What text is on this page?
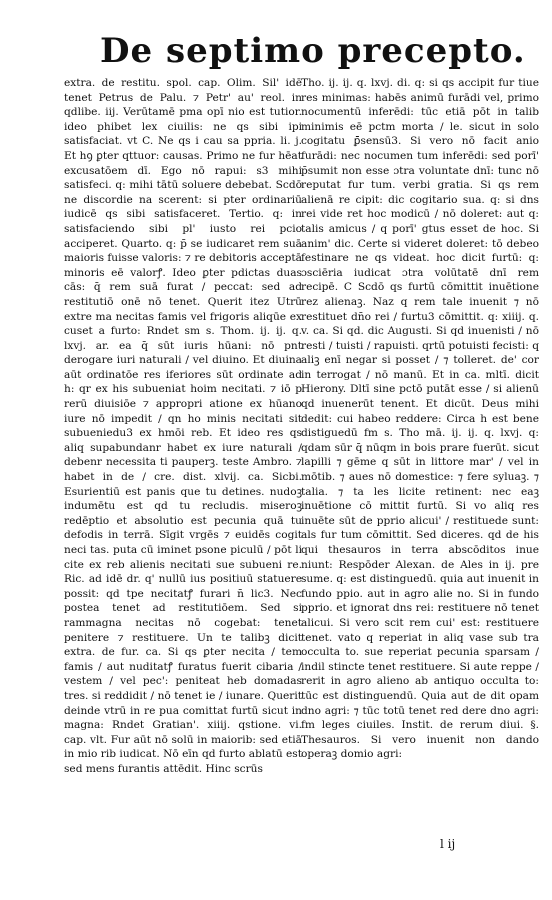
De septimo precepto.

extra. de restitu. spol. cap. Olim. Sil' idē tenet Petrus de Palu. ⁊ Petr' au' reol. in qdlibe. iij. Verūtamē pma opī nio est tutior. ideo phibet lex ciuilis: ne qs sibi ipi satisfaciat. vt C. Ne qs i cau sa ppria. li. j. Et hꝯ ꝑter qttuor: causas. Primo ne fur hēat excusatōem dī. Ego nō rapui: s3 mihi satisfeci. q: mihi tātū soluere debebat. Scdō ne discordie na scerent: si pter ordinariū iudicē qs sibi satisfaceret. Tertio. q: in satisfaciendo sibi pl' iusto rei pcio acciperet. Quarto. q: p̄ se iudicaret rem suā maioris fuisse valoris: ⁊ re debitoris acceptā minoris eē valorꝭ. Ideo ꝑter pdictas duas cās: q̄ rem suā furat / peccat: sed ad restitutiō onē nō tenet. Querit itez Utrū extre ma necitas famis vel frigoris aliqūe ex cuset a furto: Rndet sm s. Thom. ij. ij. q. lxvj. ar. ea q̄ sūt iuris hūani: nō pnt derogare iuri naturali / vel diuino. Et diuina aūt ordinatōe res iferiores sūt ordinate ad h: qr ex his subueniat hoim necitati. ⁊ iō p rerū diuisiōe ⁊ appropri atione ex hūano iure nō impedit / qn ho minis necitati sit subueniedu3 ex hmōi reb. Et ideo res qs aliq supabundanr habet ex iure naturali / debenr necessita ti pauperꝫ. teste Ambro. ⁊ habet in de / cre. dist. xlvij. ca. Sicbi. Esurientiū est panis que tu detines. nudoꝫ indumētu est qd tu recludis. miseroꝫ redēptio et absolutio est pecunia quā tu defodis in terrā. Sīgit vrgēs ⁊ euidēs cogit neci tas. puta cū iminet psone piculū / pōt li cite ex reb alienis necitati sue subueni re. Ric. ad idē dr. q' nullū ius positiuū statuere possit: qd tpe necitatꝭ furari n̄ lic3. Nec postea tenet ad restitutiōem. Sed si rammagna necitas nō cogebat: tenet penitere ⁊ restituere. Un te talibꝫ dicit extra. de fur. ca. Si qs ꝑter necita / tem famis / aut nuditatꝭ furatus fuerit cibaria / vestem / vel pec': peniteat heb domadas tres. si reddidit / nō tenet ie / iunare. Querit deinde vtrū in re pua comittat furtū sicut in magna: Rndet Gratian'. xiiij. qstione. vi. cap. vlt. Fur aūt nō solū in maiorib: sed etiā in mio rib iudicat. Nō eīn qd furto ablatū est sed mens furantis attēdit. Hinc scrūs

Tho. ij. ij. q. lxvj. di. q: si qs accipit fur tiue res minimas: habēs animū furādi vel, primo nocumentū inferēdi: tūc etiā pōt in talib minimis eē pctm morta / le. sicut in solo cogitatu ꝑ̄sensū3. Si vero nō facit anio furādi: nec nocumen tum inferēdi: sed porī' p̄sumit non esse ɔtra voluntate dnī: tunc nō reputat fur tum. verbi gratia. Si qs rem alienā re cipit: dic cogitario sua. q: si dns rei vide ret hoc modicū / nō doleret: aut q: talis amicus / q porī' gtus esset de hoc. Si anim' dic. Certe si videret doleret: tō debeo festinare ne qs videat. hoc dicit furtū: q: ɔsciēria iudicat ɔtra volūtatē dnī rem recipē. C Scdō qs furtū cōmittit inuētione rez alienaꝫ. Naz q rem tale inuenit ⁊ nō restituet dn̄o rei / furtu3 cōmittit. q: xiiij. q. v. ca. Si qd. dic Augusti. Si qd inuenisti / nō resti / tuisti / rapuisti. qrtū potuisti fecisti: q aliꝫ enī negar si posset / ⁊ tolleret. de' cor in terrogat / nō manū. Et in ca. mltī. dicit Hierony. Dltī sine pctō putāt esse / si alienū qd inuenerūt tenent. Et dicūt. Deus mihi dedit: cui habeo reddere: Circa h est bene distiguedū fm s. Tho mā. ij. ij. q. lxvj. q: qdam sūr q̄ nūqm in bois prare fuerūt. sicut lapilli ⁊ gēme q sūt in littore mar' / vel in mōtib. ⁊ aues nō domestice: ⁊ fere syluaꝫ. ⁊ talia. ⁊ ta les licite retinent: nec eaꝫ inuētione cō mittit furtū. Si vo aliq res inuēte sūt de pprio alicui' / restituede sunt: als fur tum cōmittit. Sed diceres. qd de his qui thesauros in terra abscōditos inue niunt: Respōder Alexan. de Ales in ij. pre sume. q: est distinguedū. quia aut inuenit in fundo ppio. aut in agro alie no. Si in fundo pprio. et ignorat dns rei: restituere nō tenet alicui. Si vero scit rem cui' est: restituere tenet. vato q reperiat in aliq vase sub tra occulta to. sue reperiat pecunia sparsam / indil stincte tenet restituere. Si aute reppe / rerit in agro alieno ab antiquo occulta to: tūc est distinguendū. Quia aut de dit opam dno agri: ⁊ tūc totū tenet red dere dno agri: fm leges ciuiles. Instit. de rerum diui. §. Thesauros. Si vero inuenit non dando operaꝫ domio agri:

l ij
